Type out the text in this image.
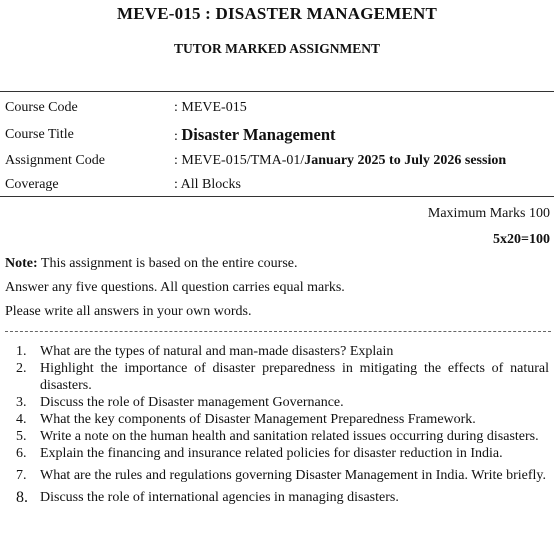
MEVE-015 : DISASTER MANAGEMENT
TUTOR MARKED ASSIGNMENT
Course Code	: MEVE-015
Course Title	: Disaster Management
Assignment Code	: MEVE-015/TMA-01/January 2025 to July 2026 session
Coverage	: All Blocks
Maximum Marks 100
5x20=100
Note: This assignment is based on the entire course.
Answer any five questions. All question carries equal marks.
Please write all answers in your own words.
1. What are the types of natural and man-made disasters? Explain
2. Highlight the importance of disaster preparedness in mitigating the effects of natural disasters.
3. Discuss the role of Disaster management Governance.
4. What the key components of Disaster Management Preparedness Framework.
5. Write a note on the human health and sanitation related issues occurring during disasters.
6. Explain the financing and insurance related policies for disaster reduction in India.
7. What are the rules and regulations governing Disaster Management in India. Write briefly.
8. Discuss the role of international agencies in managing disasters.
